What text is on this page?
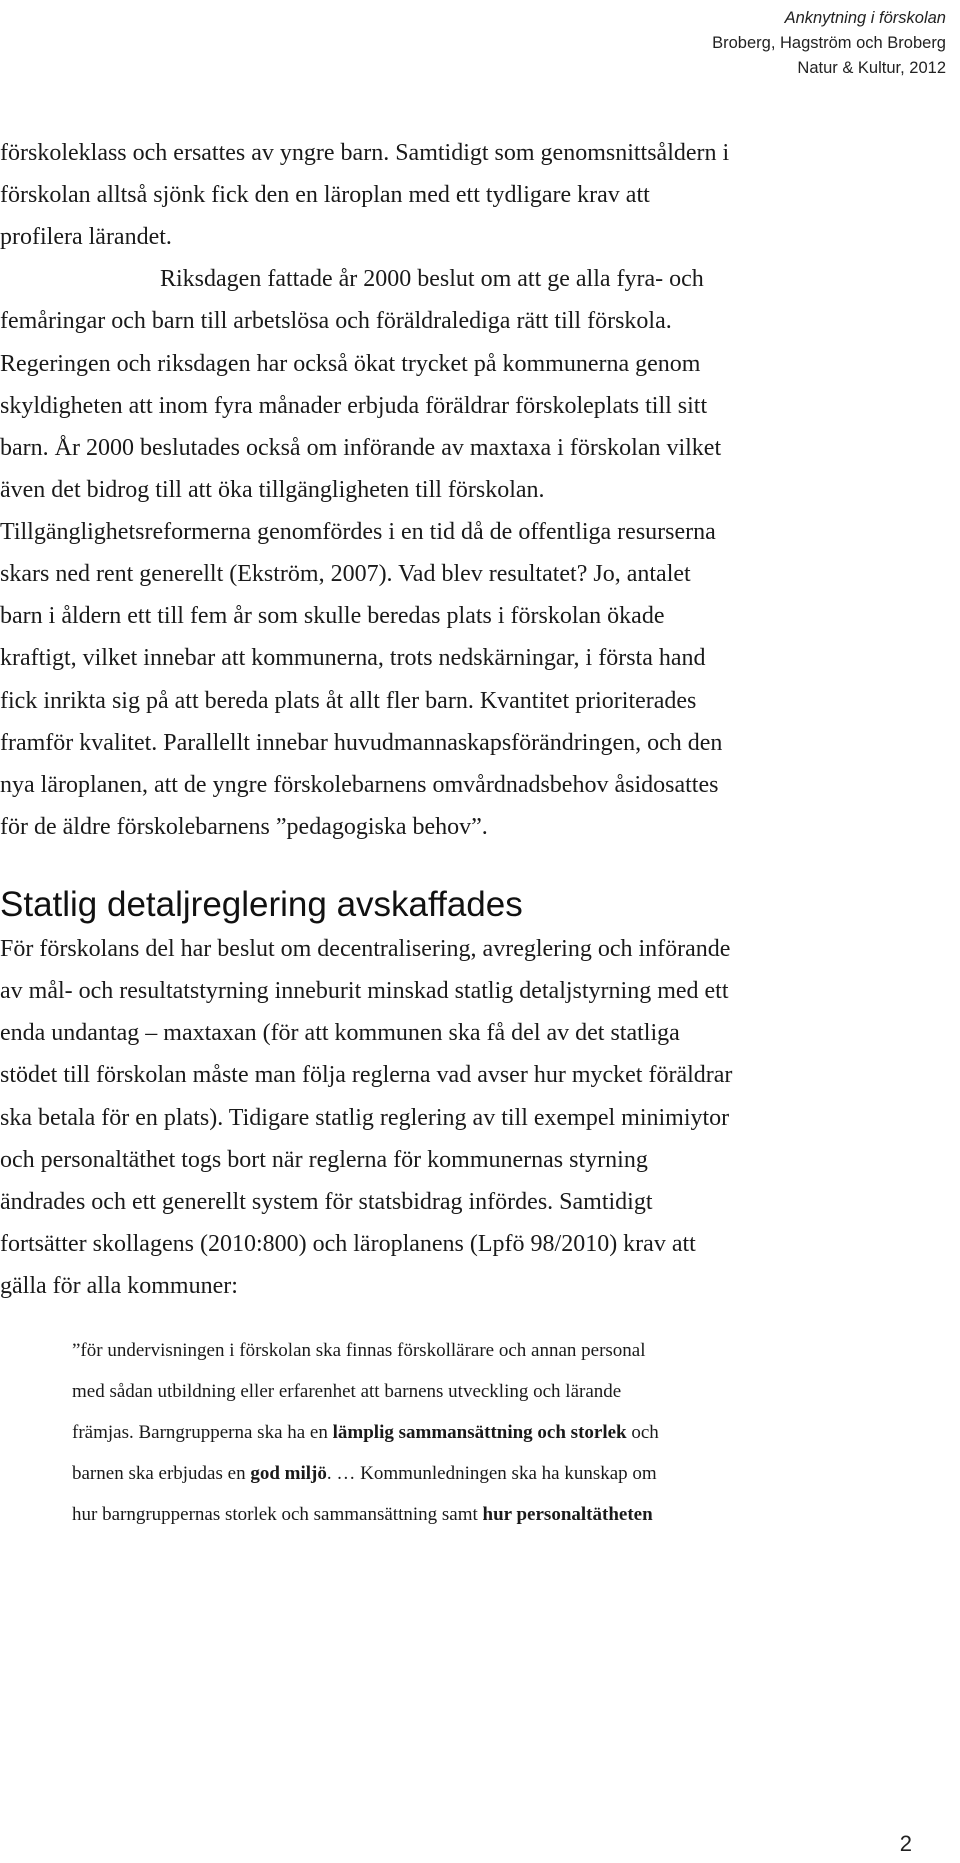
Anknytning i förskolan
Broberg, Hagström och Broberg
Natur & Kultur, 2012
förskoleklass och ersattes av yngre barn. Samtidigt som genomsnittsåldern i
förskolan alltså sjönk fick den en läroplan med ett tydligare krav att
profilera lärandet.
Riksdagen fattade år 2000 beslut om att ge alla fyra- och
femåringar och barn till arbetslösa och föräldralediga rätt till förskola.
Regeringen och riksdagen har också ökat trycket på kommunerna genom
skyldigheten att inom fyra månader erbjuda föräldrar förskoleplats till sitt
barn. År 2000 beslutades också om införande av maxtaxa i förskolan vilket
även det bidrog till att öka tillgängligheten till förskolan.
Tillgänglighetsreformerna genomfördes i en tid då de offentliga resurserna
skars ned rent generellt (Ekström, 2007). Vad blev resultatet? Jo, antalet
barn i åldern ett till fem år som skulle beredas plats i förskolan ökade
kraftigt, vilket innebar att kommunerna, trots nedskärningar, i första hand
fick inrikta sig på att bereda plats åt allt fler barn. Kvantitet prioriterades
framför kvalitet. Parallellt innebar huvudmannaskapsförändringen, och den
nya läroplanen, att de yngre förskolebarnens omvårdnadsbehov åsidosattes
för de äldre förskolebarnens ”pedagogiska behov”.
Statlig detaljreglering avskaffades
För förskolans del har beslut om decentralisering, avreglering och införande
av mål- och resultatstyrning inneburit minskad statlig detaljstyrning med ett
enda undantag – maxtaxan (för att kommunen ska få del av det statliga
stödet till förskolan måste man följa reglerna vad avser hur mycket föräldrar
ska betala för en plats). Tidigare statlig reglering av till exempel minimiytor
och personaltäthet togs bort när reglerna för kommunernas styrning
ändrades och ett generellt system för statsbidrag infördes. Samtidigt
fortsätter skollagens (2010:800) och läroplanens (Lpfö 98/2010) krav att
gälla för alla kommuner:
”för undervisningen i förskolan ska finnas förskollärare och annan personal
med sådan utbildning eller erfarenhet att barnens utveckling och lärande
främjas. Barngrupperna ska ha en lämplig sammansättning och storlek och
barnen ska erbjudas en god miljö. … Kommunledningen ska ha kunskap om
hur barngruppernas storlek och sammansättning samt hur personaltätheten
2
